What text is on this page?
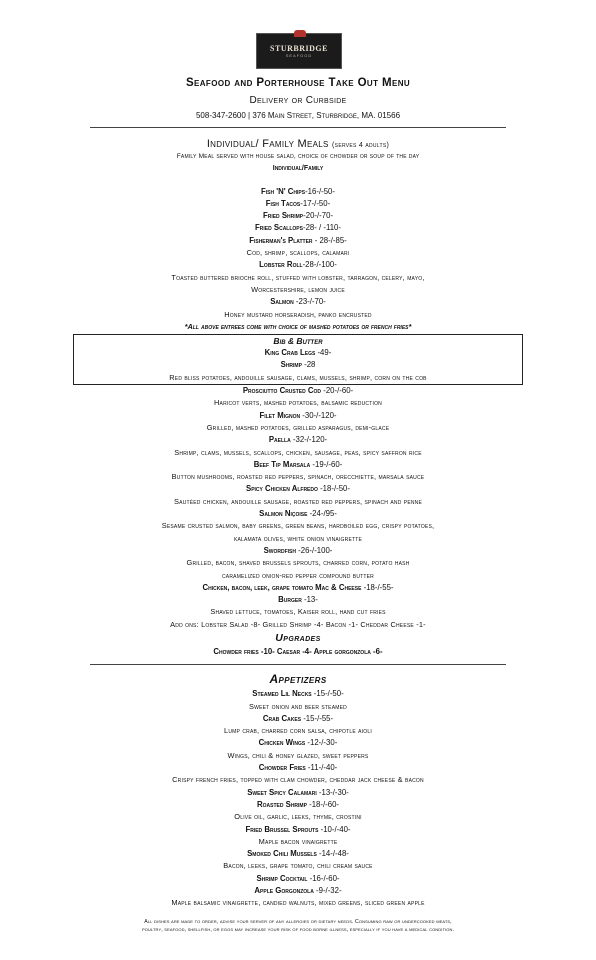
STURBRIDGE
SEAFOOD
Seafood and Porterhouse Take Out Menu
Delivery or Curbside
508-347-2600 | 376 Main Street, Sturbridge, MA. 01566
Individual/ Family Meals (serves 4 adults)
Family Meal served with house salad, choice of chowder or soup of the day
Individual/Family
Fish 'N' Chips-16-/-50-
Fish Tacos-17-/-50-
Fried Shrimp-20-/-70-
Fried Scallops-28- / -110-
Fisherman's Platter - 28-/-85-
Cod, shrimp, scallops, calamari
Lobster Roll-28-/-100-
Toasted buttered brioche roll, stuffed with lobster, tarragon, celery, mayo,
Worcestershire, lemon juice
Salmon -23-/-70-
Honey mustard horseradish, panko encrusted
*All above entrees come with choice of mashed potatoes or french fries*
Bib & Butter
King Crab Legs -49-
Shrimp -28
Red bliss potatoes, andouille sausage, clams, mussels, shrimp, corn on the cob
Prosciutto Crusted Cod -20-/-60-
Haricot verts, mashed potatoes, balsamic reduction
Filet Mignon -30-/-120-
Grilled, mashed potatoes, grilled asparagus, demi-glace
Paella -32-/-120-
Shrimp, clams, mussels, scallops, chicken, sausage, peas, spicy saffron rice
Beef Tip Marsala -19-/-60-
Button mushrooms, roasted red peppers, spinach, orecchiette, marsala sauce
Spicy Chicken Alfredo -18-/-50-
Sautéed chicken, andouille sausage, roasted red peppers, spinach and penne
Salmon Niçoise -24-/95-
Sesame crusted salmon, baby greens, green beans, hardboiled egg, crispy potatoes,
kalamata olives, white onion vinaigrette
Swordfish -26-/-100-
Grilled, bacon, shaved brussels sprouts, charred corn, potato hash
caramelized onion-red pepper compound butter
Chicken, bacon, leek, grape tomato Mac & Cheese -18-/-55-
Burger -13-
Shaved lettuce, tomatoes, Kaiser roll, hand cut fries
Add ons: Lobster Salad -8- Grilled Shrimp -4- Bacon -1- Cheddar Cheese -1-
Upgrades
Chowder fries -10- Caesar -4- Apple gorgonzola -6-
Appetizers
Steamed Lil Necks -15-/-50-
Sweet onion and beer steamed
Crab Cakes -15-/-55-
Lump crab, charred corn salsa, chipotle aioli
Chicken Wings -12-/-30-
Wings, chili & honey glazed, sweet peppers
Chowder Fries -11-/-40-
Crispy french fries, topped with clam chowder, cheddar jack cheese & bacon
Sweet Spicy Calamari -13-/-30-
Roasted Shrimp -18-/-60-
Olive oil, garlic, leeks, thyme, crostini
Fried Brussel Sprouts -10-/-40-
Maple bacon vinaigrette
Smoked Chili Mussels -14-/-48-
Bacon, leeks, grape tomato, chili cream sauce
Shrimp Cocktail -16-/-60-
Apple Gorgonzola -9-/-32-
Maple balsamic vinaigrette, candied walnuts, mixed greens, sliced green apple
All dishes are made to order, advise your server of any allergies or dietary needs. Consuming raw or undercooked meats,
poultry, seafood, shellfish, or eggs may increase your risk of food borne illness, especially if you have a medical condition.
